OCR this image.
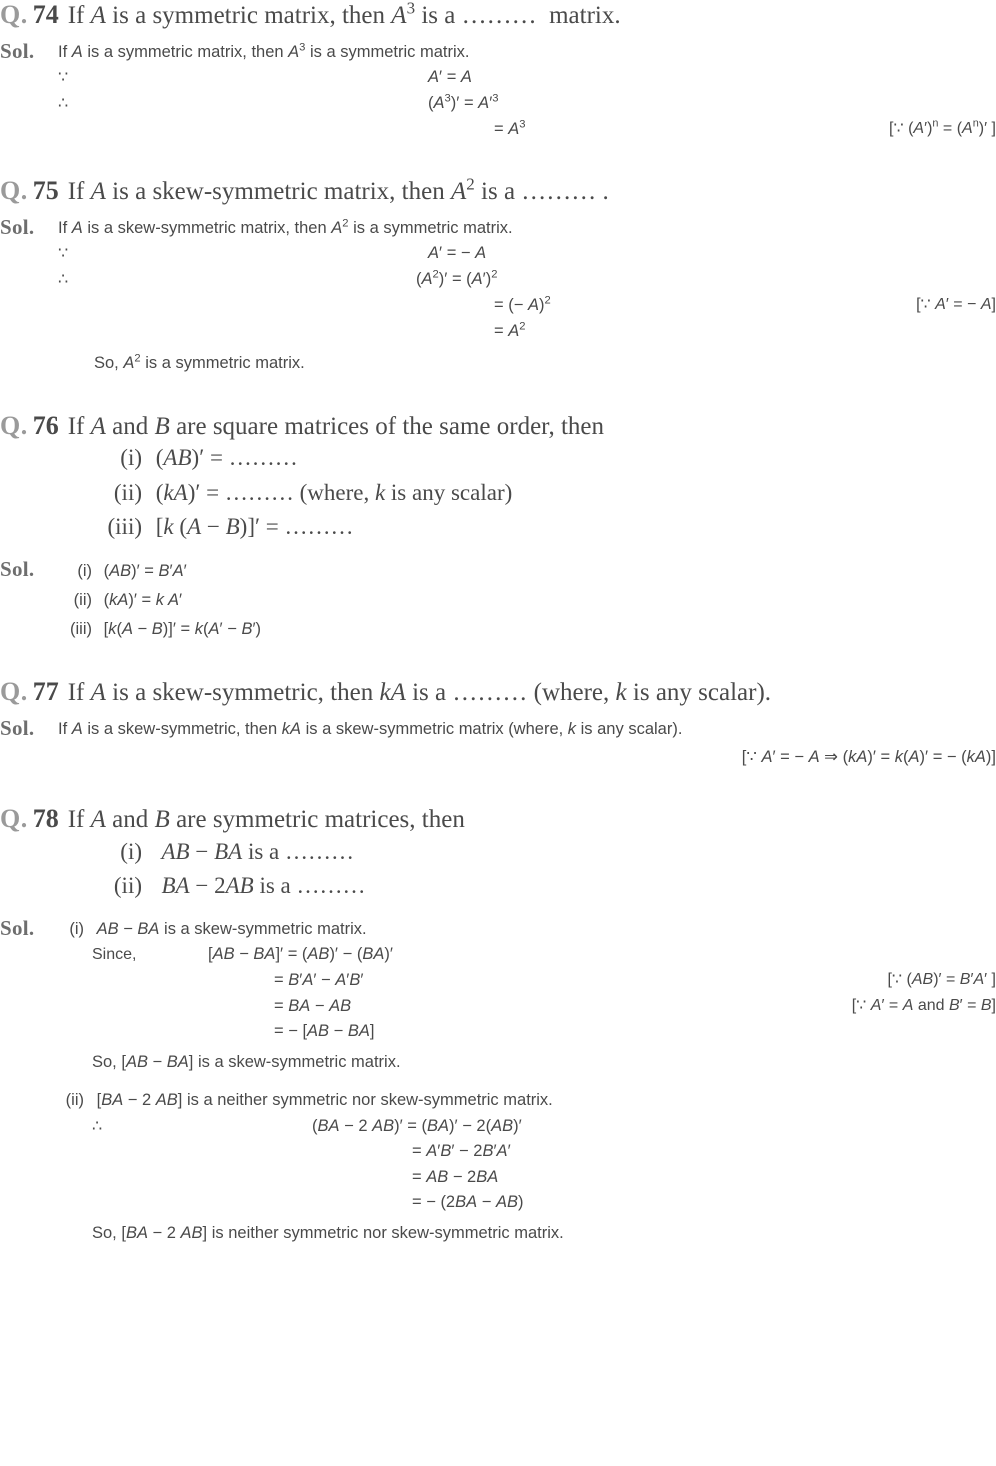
Q. 74 If A is a symmetric matrix, then $A^3$ is a ………  matrix.
Sol.	If A is a symmetric matrix, then $A^3$ is a symmetric matrix.
∵	A′ = A
∴	$(A^3)' = A'^3$
= $A^3$	[∵ $(A')^n = (A^n)'$ ]
Q. 75 If A is a skew-symmetric matrix, then $A^2$ is a ……… .
Sol.	If A is a skew-symmetric matrix, then $A^2$ is a symmetric matrix.
∵	A′ = − A
∴	$(A^2)' = (A')^2$
= (− A)$^2$	[∵ A′ = − A]
= $A^2$
So, $A^2$ is a symmetric matrix.
Q. 76 If A and B are square matrices of the same order, then
(i) (AB)′ = ………
(ii) (kA)′ = ……… (where, k is any scalar)
(iii) [k (A − B)]′ = ………
Sol.	(i) (AB)′ = B′A′
(ii) (kA)′ = k A′
(iii) [k(A − B)]′ = k(A′ − B′)
Q. 77 If A is a skew-symmetric, then kA is a ……… (where, k is any scalar).
Sol.	If A is a skew-symmetric, then kA is a skew-symmetric matrix (where, k is any scalar).
[∵ A′ = − A ⇒ (kA)′ = k(A)′ = − (kA)]
Q. 78 If A and B are symmetric matrices, then
(i) AB − BA is a ………
(ii) BA − 2AB is a ………
Sol.	(i) AB − BA is a skew-symmetric matrix.
Since,	[AB − BA]′ = (AB)′ − (BA)′
= B′A′ − A′B′	[∵ (AB)′ = B′A′ ]
= BA − AB	[∵ A′ = A and B′ = B]
= − [AB − BA]
So, [AB − BA] is a skew-symmetric matrix.
(ii) [BA − 2 AB] is a neither symmetric nor skew-symmetric matrix.
∴	(BA − 2 AB)′ = (BA)′ − 2(AB)′
= A′B′ − 2B′A′
= AB − 2BA
= − (2BA − AB)
So, [BA − 2 AB] is neither symmetric nor skew-symmetric matrix.
